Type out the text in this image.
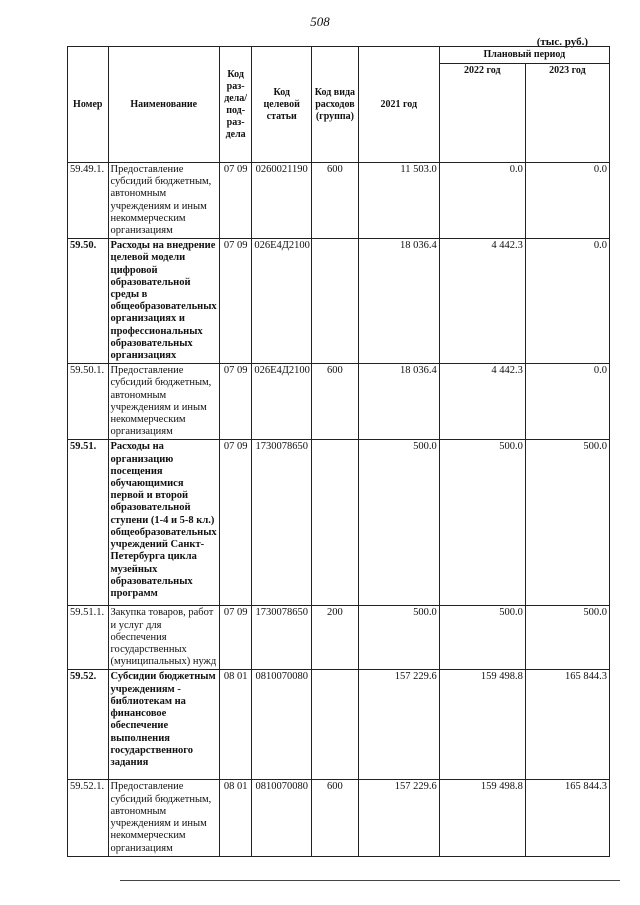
508
(тыс. руб.)
Номер	Наименование	Код раз-дела/ под-раз-дела	Код целевой статьи	Код вида расходов (группа)	2021 год	Плановый период	
						2022 год	2023 год
59.49.1.	Предоставление субсидий бюджетным, автономным учреждениям и иным некоммерческим организациям	07 09	0260021190	600	11 503.0	0.0	0.0
59.50.	Расходы на внедрение целевой модели цифровой образовательной среды в общеобразовательных организациях и профессиональных образовательных организациях	07 09	026Е4Д2100		18 036.4	4 442.3	0.0
59.50.1.	Предоставление субсидий бюджетным, автономным учреждениям и иным некоммерческим организациям	07 09	026Е4Д2100	600	18 036.4	4 442.3	0.0
59.51.	Расходы на организацию посещения обучающимися первой и второй образовательной ступени (1-4 и 5-8 кл.) общеобразовательных учреждений Санкт-Петербурга цикла музейных образовательных программ	07 09	1730078650		500.0	500.0	500.0
59.51.1.	Закупка товаров, работ и услуг для обеспечения государственных (муниципальных) нужд	07 09	1730078650	200	500.0	500.0	500.0
59.52.	Субсидии бюджетным учреждениям - библиотекам на финансовое обеспечение выполнения государственного задания	08 01	0810070080		157 229.6	159 498.8	165 844.3
59.52.1.	Предоставление субсидий бюджетным, автономным учреждениям и иным некоммерческим организациям	08 01	0810070080	600	157 229.6	159 498.8	165 844.3
